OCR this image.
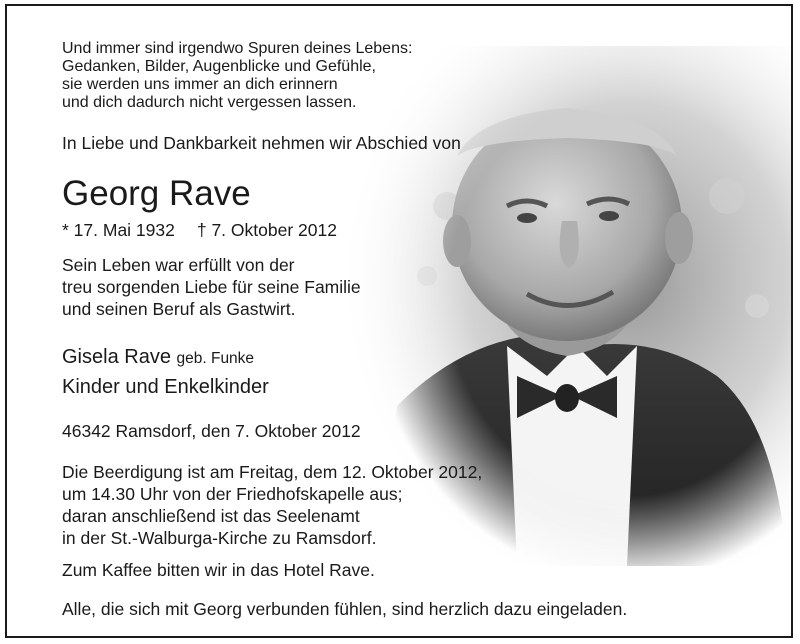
Und immer sind irgendwo Spuren deines Lebens:
Gedanken, Bilder, Augenblicke und Gefühle,
sie werden uns immer an dich erinnern
und dich dadurch nicht vergessen lassen.
In Liebe und Dankbarkeit nehmen wir Abschied von
Georg Rave
* 17. Mai 1932 † 7. Oktober 2012
Sein Leben war erfüllt von der
treu sorgenden Liebe für seine Familie
und seinen Beruf als Gastwirt.
Gisela Rave geb. Funke
Kinder und Enkelkinder
46342 Ramsdorf, den 7. Oktober 2012
Die Beerdigung ist am Freitag, dem 12. Oktober 2012,
um 14.30 Uhr von der Friedhofskapelle aus;
daran anschließend ist das Seelenamt
in der St.-Walburga-Kirche zu Ramsdorf.
Zum Kaffee bitten wir in das Hotel Rave.
Alle, die sich mit Georg verbunden fühlen, sind herzlich dazu eingeladen.
